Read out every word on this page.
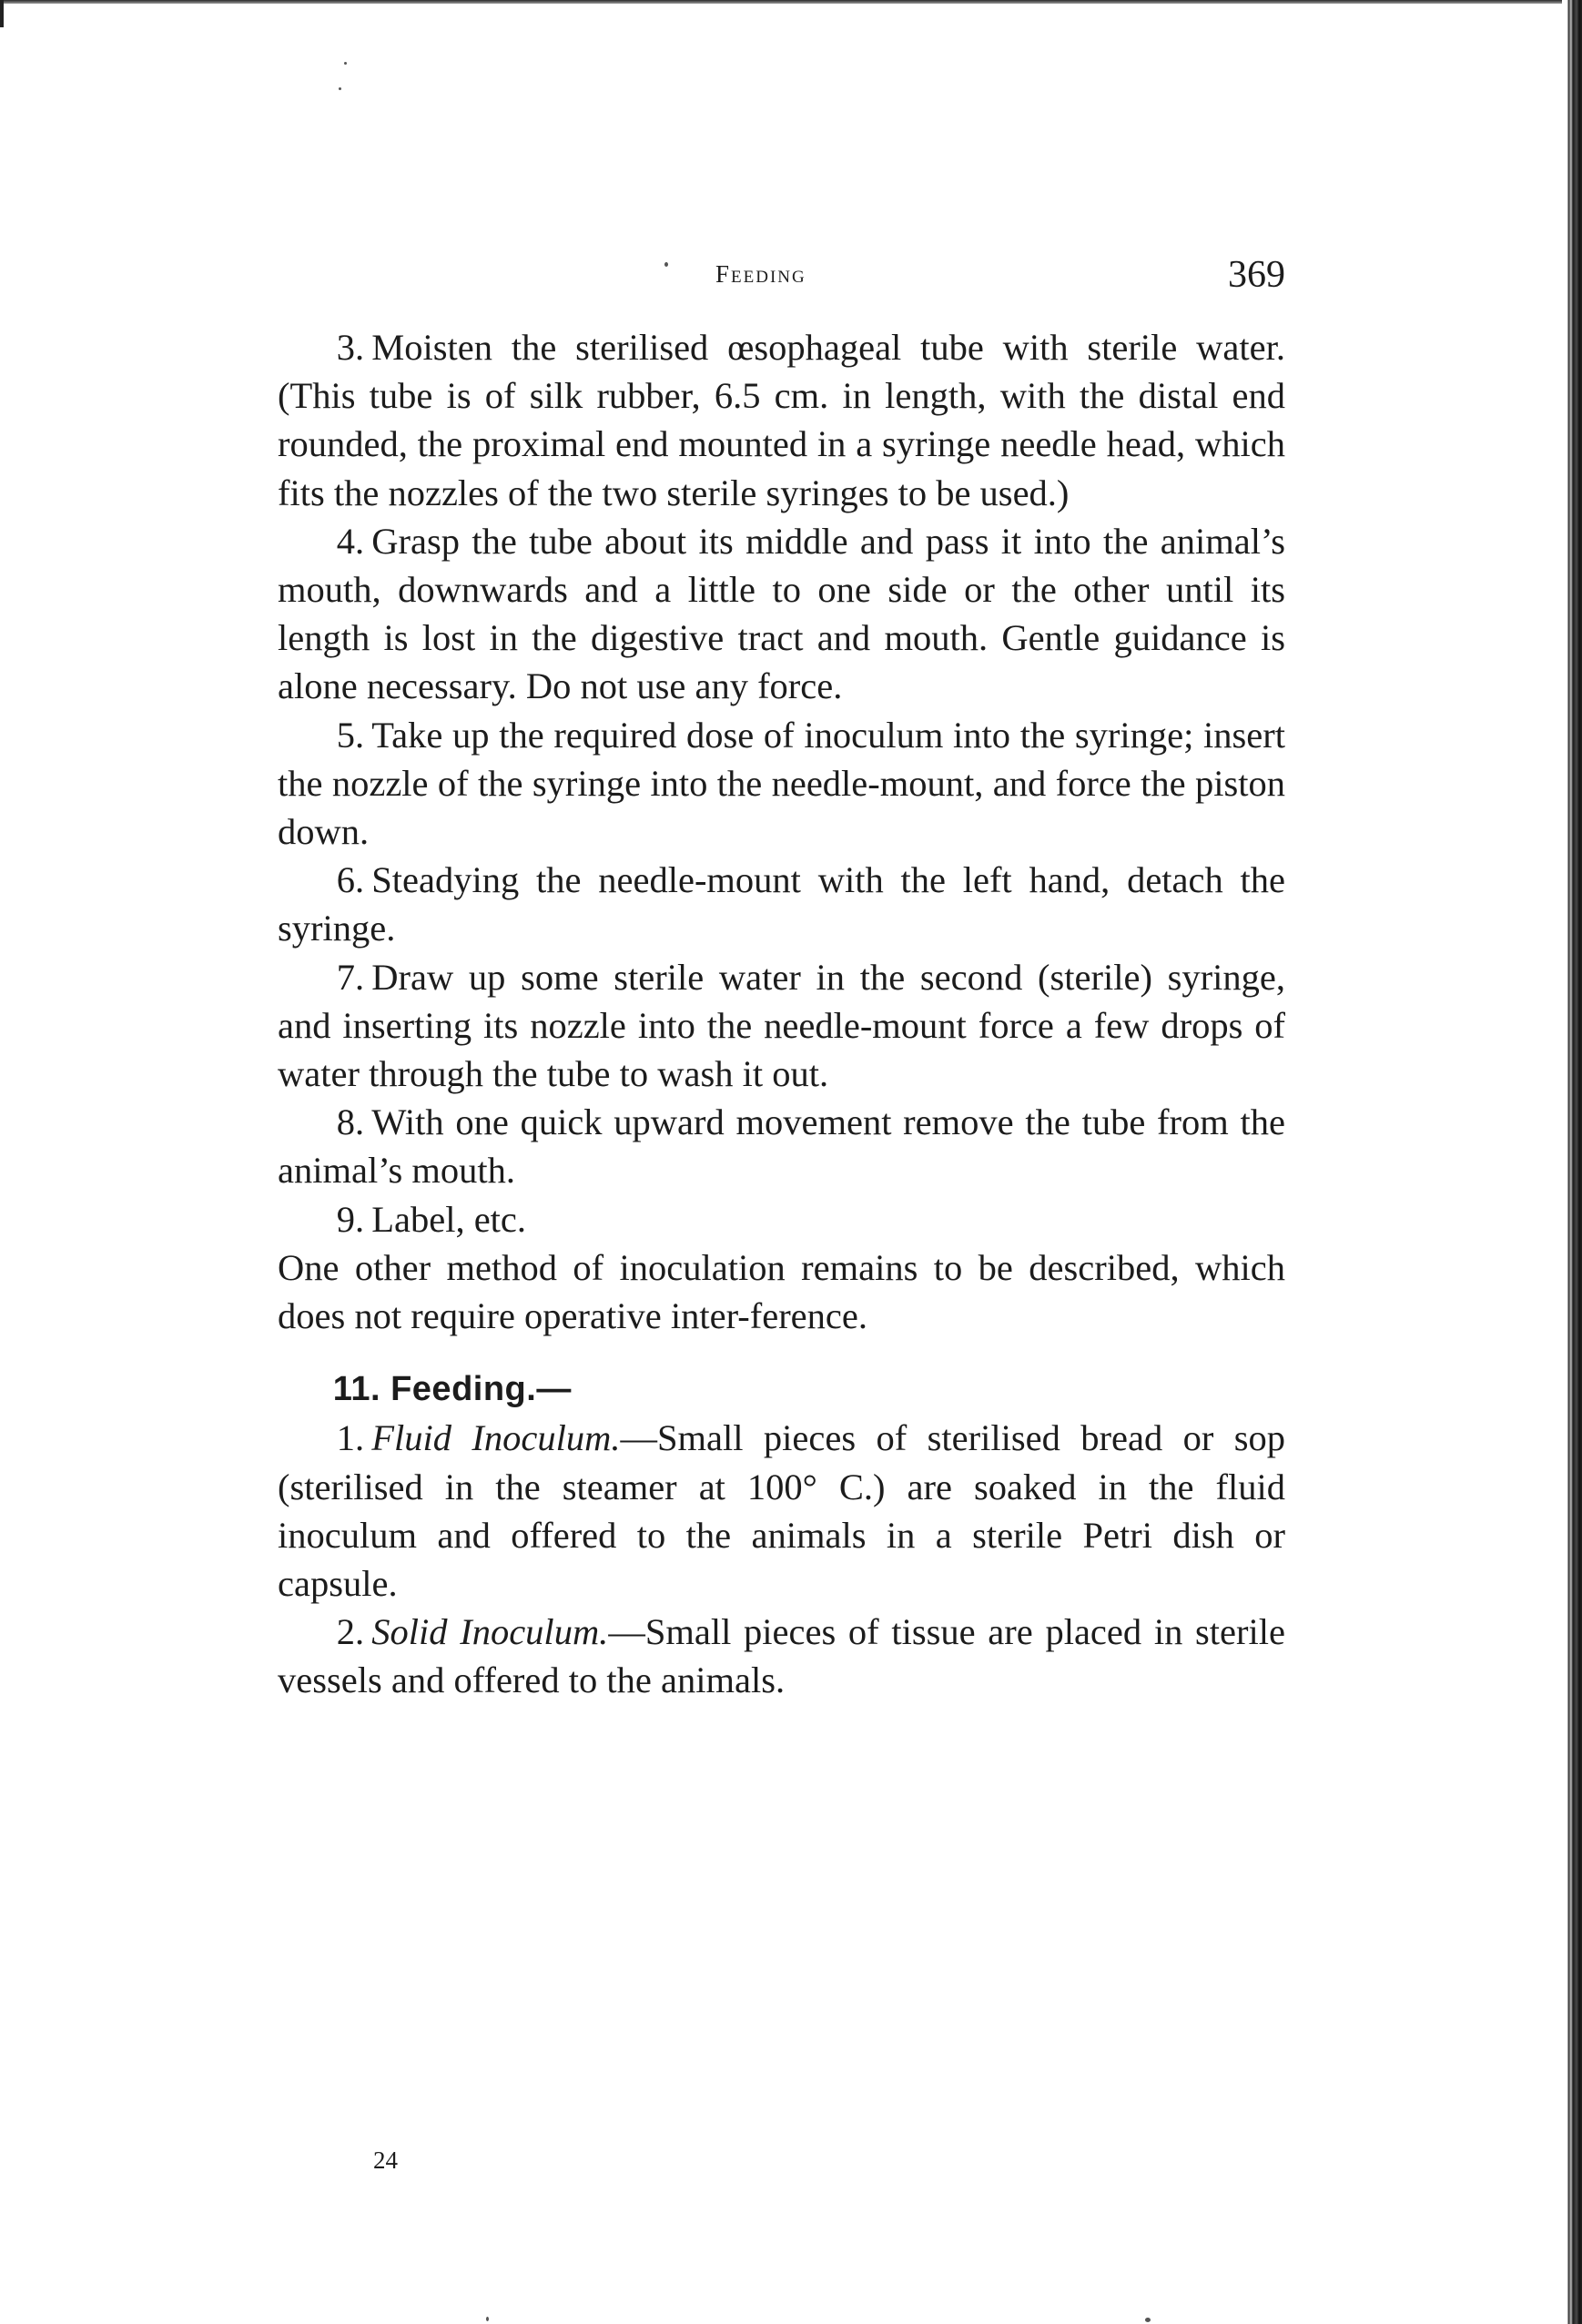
Feeding	369

3. Moisten the sterilised œsophageal tube with sterile water. (This tube is of silk rubber, 6.5 cm. in length, with the distal end rounded, the proximal end mounted in a syringe needle head, which fits the nozzles of the two sterile syringes to be used.)

4. Grasp the tube about its middle and pass it into the animal’s mouth, downwards and a little to one side or the other until its length is lost in the digestive tract and mouth. Gentle guidance is alone necessary. Do not use any force.

5. Take up the required dose of inoculum into the syringe; insert the nozzle of the syringe into the needle-mount, and force the piston down.

6. Steadying the needle-mount with the left hand, detach the syringe.

7. Draw up some sterile water in the second (sterile) syringe, and inserting its nozzle into the needle-mount force a few drops of water through the tube to wash it out.

8. With one quick upward movement remove the tube from the animal’s mouth.

9. Label, etc.

One other method of inoculation remains to be described, which does not require operative inter-ference.

11. Feeding.—

1. Fluid Inoculum.—Small pieces of sterilised bread or sop (sterilised in the steamer at 100° C.) are soaked in the fluid inoculum and offered to the animals in a sterile Petri dish or capsule.

2. Solid Inoculum.—Small pieces of tissue are placed in sterile vessels and offered to the animals.

24
